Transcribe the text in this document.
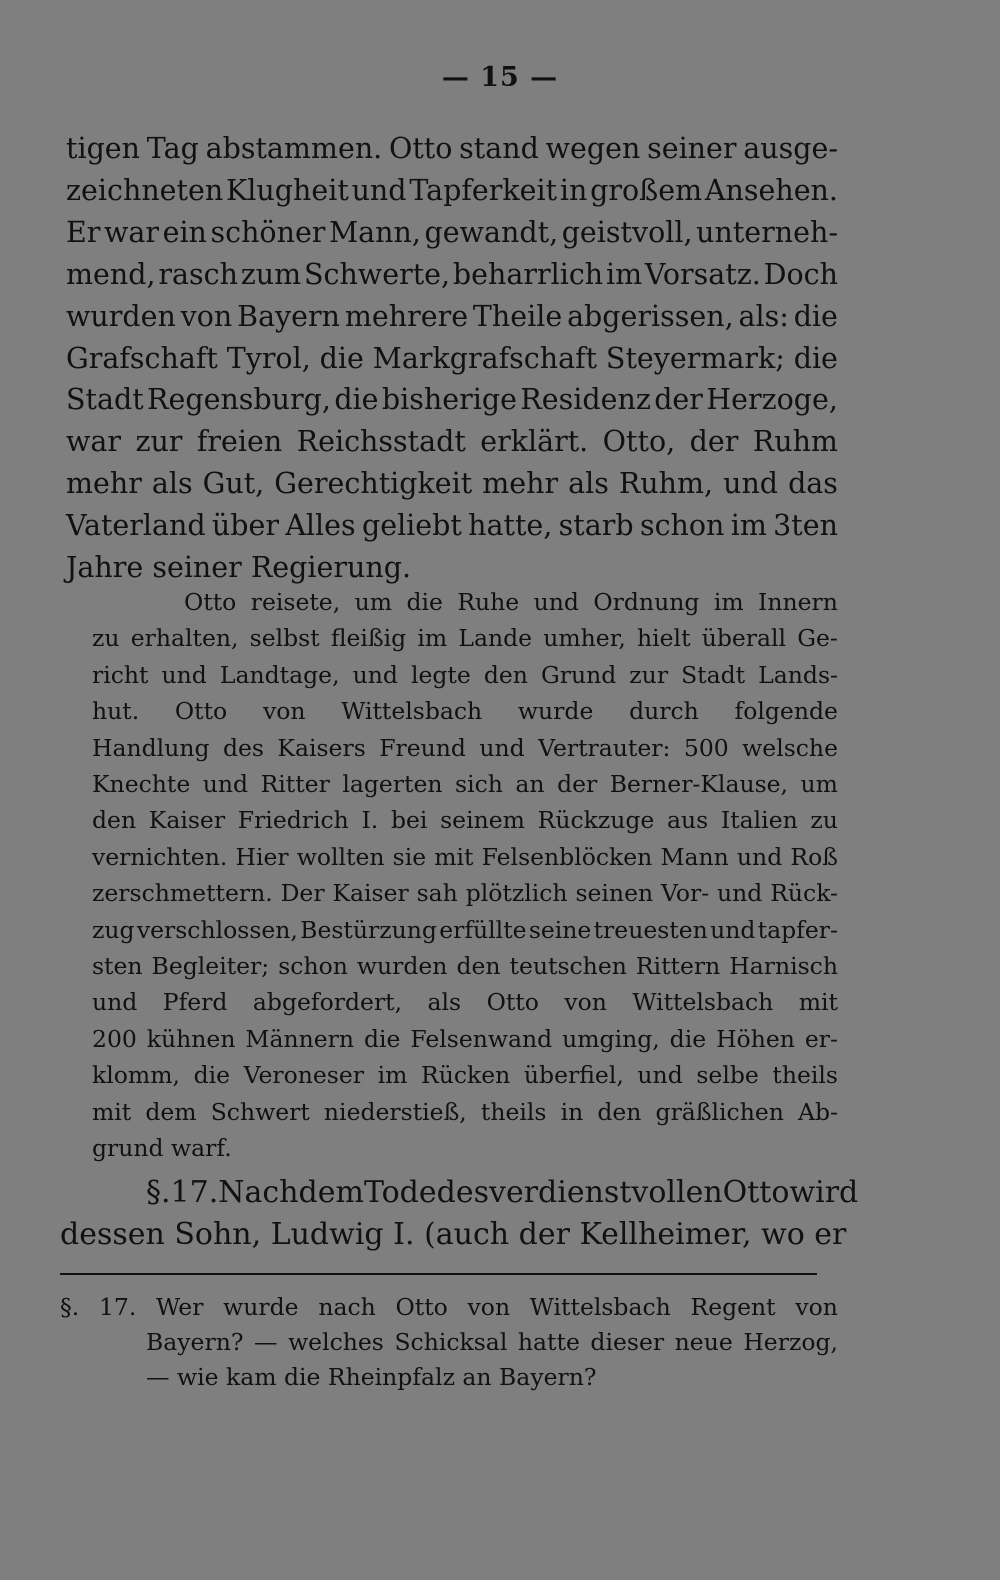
— 15 —
tigen Tag abstammen. Otto stand wegen seiner ausge-
zeichneten Klugheit und Tapferkeit in großem Ansehen.
Er war ein schöner Mann, gewandt, geistvoll, unterneh-
mend, rasch zum Schwerte, beharrlich im Vorsatz. Doch
wurden von Bayern mehrere Theile abgerissen, als: die
Grafschaft Tyrol, die Markgrafschaft Steyermark; die
Stadt Regensburg, die bisherige Residenz der Herzoge,
war zur freien Reichsstadt erklärt. Otto, der Ruhm
mehr als Gut, Gerechtigkeit mehr als Ruhm, und das
Vaterland über Alles geliebt hatte, starb schon im 3ten
Jahre seiner Regierung.
Otto reisete, um die Ruhe und Ordnung im Innern
zu erhalten, selbst fleißig im Lande umher, hielt überall Ge-
richt und Landtage, und legte den Grund zur Stadt Lands-
hut. Otto von Wittelsbach wurde durch folgende
Handlung des Kaisers Freund und Vertrauter: 500 welsche
Knechte und Ritter lagerten sich an der Berner-Klause, um
den Kaiser Friedrich I. bei seinem Rückzuge aus Italien zu
vernichten. Hier wollten sie mit Felsenblöcken Mann und Roß
zerschmettern. Der Kaiser sah plötzlich seinen Vor- und Rück-
zug verschlossen, Bestürzung erfüllte seine treuesten und tapfer-
sten Begleiter; schon wurden den teutschen Rittern Harnisch
und Pferd abgefordert, als Otto von Wittelsbach mit
200 kühnen Männern die Felsenwand umging, die Höhen er-
klomm, die Veroneser im Rücken überfiel, und selbe theils
mit dem Schwert niederstieß, theils in den gräßlichen Ab-
grund warf.
§. 17. Nach dem Tode des verdienstvollen Otto wird
dessen Sohn, Ludwig I. (auch der Kellheimer, wo er
§. 17. Wer wurde nach Otto von Wittelsbach Regent von
Bayern? — welches Schicksal hatte dieser neue Herzog,
— wie kam die Rheinpfalz an Bayern?
